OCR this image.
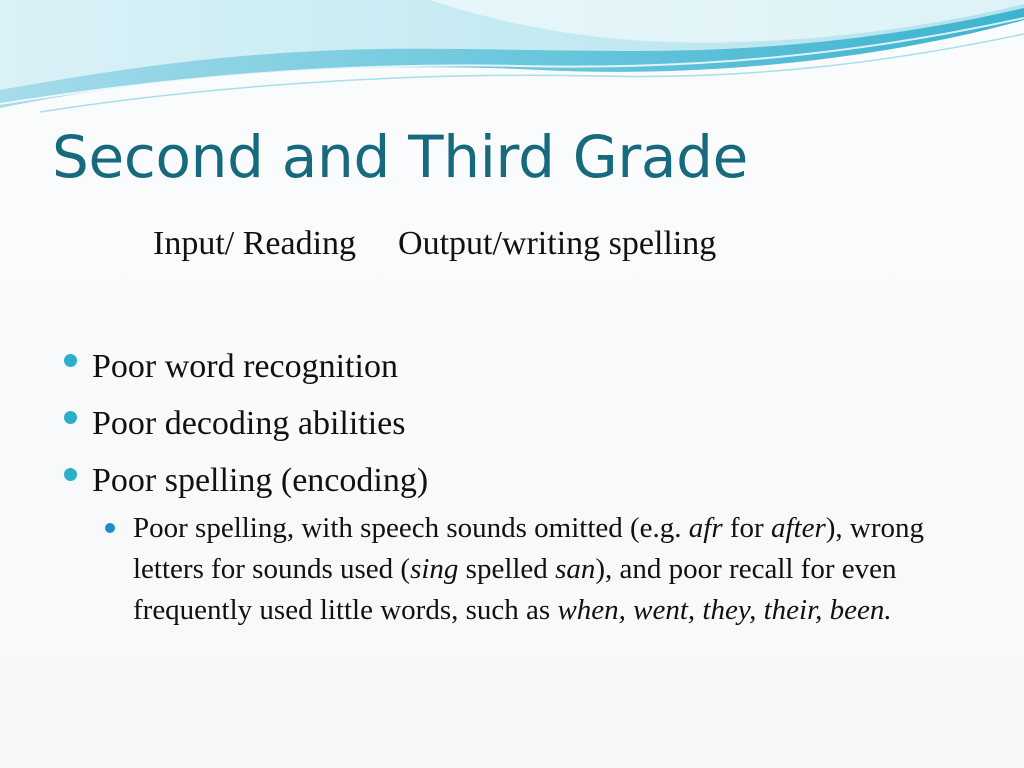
Second and Third Grade
Input/ Reading Output/writing spelling
Poor word recognition
Poor decoding abilities
Poor spelling (encoding)

Poor spelling, with speech sounds omitted (e.g. afr for after), wrong letters for sounds used (sing spelled san), and poor recall for even frequently used little words, such as when, went, they, their, been.
